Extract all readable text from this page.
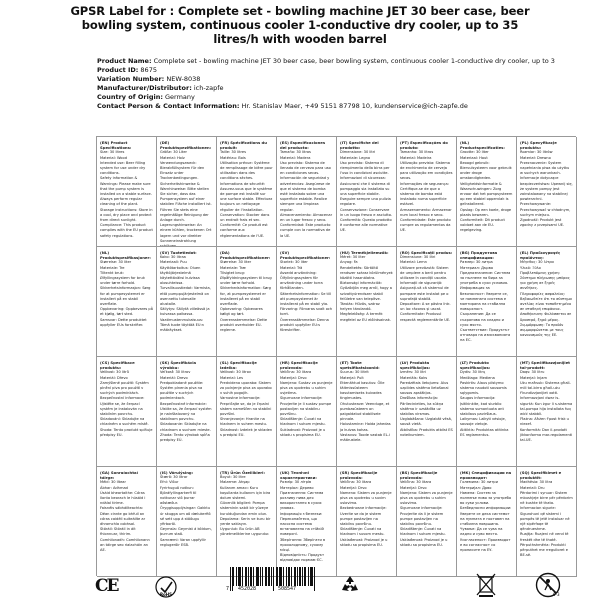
GPSR Label for : Complete set - bowling machine JET 30 beer case, beer bowling system, continuous cooler 1-conductive dry cooler, up to 35 litres/h with wooden barrel
Product Name: Complete set - bowling machine JET 30 beer case, beer bowling system, continuous cooler 1-conductive dry cooler, up to 3
Product ID: 8675
Variation Number: NEW-8038
Manufacturer/Distributor: ich-zapfe
Country of Origin: Germany
Contact Person & Contact Information: Hr. Stanislav Maer, +49 5151 87798 10, kundenservice@ich-zapfe.de
(EN) Product Specifications:
Size: 30 litres
Material: Wood
Intended use: Beer filling system for use under dry conditions.
Safety information & Warnings: Please make sure that the pump system is installed on a stable surface. Always perform regular cleaning of the plant.
Storage instructions: Store in a cool, dry place and protect from direct sunlight.
Compliance: This product complies with the EU product safety regulations.
(DE) Produktspezifikationen:
Größe: 30 Liter
Material: Holz
Verwendungszweck: Bierabfüllsystem für den Einsatz unter Trockenbedingungen.
Sicherheitshinweise & Warnhinweise: Bitte stellen Sie sicher, dass das Pumpensystem auf einer stabilen Fläche installiert ist. Führen Sie stets eine regelmäßige Reinigung der Anlage durch.
Lagerungshinweise: An einem kühlen, trockenen Ort lagern und vor direkter Sonneneinstrahlung schützen.
(FR) Spécifications du produit:
Taille: 30 litres
Matériau: Bois
Utilisation prévue: Système de remplissage de bière pour utilisation dans des conditions sèches.
Informations de sécurité: Assurez-vous que le système de pompe est installé sur une surface stable. Effectuez toujours un nettoyage régulier de l'installation.
Conservation: Stocker dans un endroit frais et sec.
Conformité: Ce produit est conforme aux réglementations de l'UE.
(ES) Especificaciones del producto:
Tamaño: 30 litros
Material: Madera
Uso previsto: Sistema de llenado de cerveza para uso en condiciones secas.
Información de seguridad y advertencias: Asegúrese de que el sistema de bomba esté instalado sobre una superficie estable. Realice siempre una limpieza regular.
Almacenamiento: Almacenar en un lugar fresco y seco.
Conformidad: Este producto cumple con la normativa de la UE.
(IT) Specifiche del prodotto:
Dimensione: 30 litri
Materiale: Legno
Uso previsto: Sistema di riempimento della birra per l'uso in condizioni asciutte.
Informazioni di sicurezza: Assicurarsi che il sistema di pompaggio sia installato su una superficie stabile. Eseguire sempre una pulizia regolare.
Conservazione: Conservare in un luogo fresco e asciutto.
Conformità: Questo prodotto è conforme alle normative UE.
(PT) Especificações do produto:
Tamanho: 30 litros
Material: Madeira
Utilização prevista: Sistema de enchimento de cerveja para utilização em condições secas.
Informações de segurança: Certifique-se de que o sistema de bomba está instalado numa superfície estável.
Armazenamento: Armazenar num local fresco e seco.
Conformidade: Este produto cumpre os regulamentos da UE.
(NL) Productspecificaties:
Grootte: 30 liter
Materiaal: Hout
Beoogd gebruik: Biervulsysteem voor gebruik onder droge omstandigheden.
Veiligheidsinformatie & Waarschuwingen: Zorg ervoor dat het pompsysteem op een stabiel oppervlak is geïnstalleerd.
Opslag: Op een koele, droge plaats bewaren.
Conformiteit: Dit product voldoet aan de EU-regelgeving.
(PL) Specyfikacje produktu:
Rozmiar: 30 litrów
Materiał: Drewno
Przeznaczenie: System napełniania piwa do użytku w suchych warunkach.
Informacje dotyczące bezpieczeństwa: Upewnij się, że system pompy jest zainstalowany na stabilnej powierzchni.
Przechowywanie: Przechowywać w chłodnym, suchym miejscu.
Zgodność: Produkt jest zgodny z przepisami UE.
(NL) Produktspesifikasjoner:
Størrelse: 30 liter
Materiale: Tre
Tiltenkt bruk: Ølfyllingssystem for bruk under tørre forhold.
Sikkerhetsinformasjon: Sørg for at pumpesystemet er installert på en stabil overflate.
Oppbevaring: Oppbevares på et kjølig, tørt sted.
Samsvar: Dette produktet oppfyller EUs forskrifter.
(SV) Tuotetiedot:
Koko: 30 litraa
Materiaali: Puu
Käyttötarkoitus: Oluen täyttöjärjestelmä käytettäväksi kuivissa olosuhteissa.
Turvallisuustiedot: Varmista, että pumppujärjestelmä on asennettu tukevalle alustalle.
Säilytys: Säilytä viileässä ja kuivassa paikassa.
Vaatimustenmukaisuus: Tämä tuote täyttää EU:n määräykset.
(DA) Produktspecifikationer:
Størrelse: 30 liter
Materiale: Træ
Tilsigtet brug: Ølpåfyldningssystem til brug under tørre forhold.
Sikkerhedsinformation: Sørg for, at pumpesystemet er installeret på en stabil overflade.
Opbevaring: Opbevares køligt og tørt.
Overensstemmelse: Dette produkt overholder EU-reglerne.
(SV) Produktspecifikationer:
Storlek: 30 liter
Material: Trä
Avsedd användning: Ölfyllningssystem för användning under torra förhållanden.
Säkerhetsinformation: Se till att pumpsystemet är installerat på en stabil yta.
Förvaring: Förvaras svalt och torrt.
Överensstämmelse: Denna produkt uppfyller EU:s föreskrifter.
(HU) Termékjellemzők:
Méret: 30 liter
Anyag: Fa
Rendeltetés: Sörtöltő rendszer száraz körülmények közötti használatra.
Biztonsági információk: Győződjön meg arról, hogy a szivattyúrendszer stabil felületre van telepítve.
Tárolás: Hűvös, száraz helyen tárolandó.
Megfelelőség: A termék megfelel az EU előírásainak.
(RO) Specificații produs:
Dimensiune: 30 litri
Material: Lemn
Utilizare prevăzută: Sistem de umplere a berii pentru utilizare în condiții uscate.
Informații de siguranță: Asigurați-vă că sistemul de pompare este instalat pe o suprafață stabilă.
Depozitare: A se păstra într-un loc răcoros și uscat.
Conformitate: Produsul respectă reglementările UE.
(BG) Продуктова спецификация:
Размер: 30 литра
Материал: Дърво
Предназначение: Система за пълнене на бира за употреба в сухи условия.
Информация за безопасност: Уверете се, че помпената система е монтирана на стабилна повърхност.
Съхранение: Да се съхранява на хладно и сухо място.
Съответствие: Продуктът отговаря на изискванията на ЕС.
(EL) Προδιαγραφές προϊόντος:
Μέγεθος: 30 λίτρα
Υλικό: Ξύλο
Προβλεπόμενη χρήση: Σύστημα πλήρωσης μπύρας για χρήση σε ξηρές συνθήκες.
Πληροφορίες ασφαλείας: Βεβαιωθείτε ότι το σύστημα αντλίας είναι τοποθετημένο σε σταθερή επιφάνεια.
Αποθήκευση: Φυλάσσεται σε δροσερό, ξηρό μέρος.
Συμμόρφωση: Το προϊόν συμμορφώνεται με τους κανονισμούς της ΕΕ.
(CS) Specifikace produktu:
Velikost: 30 litrů
Materiál: Dřevo
Zamýšlené použití: Systém plnění piva pro použití v suchých podmínkách.
Bezpečnostní informace: Ujistěte se, že čerpací systém je instalován na stabilním povrchu.
Skladování: Skladujte na chladném a suchém místě.
Shoda: Tento produkt splňuje předpisy EU.
(SK) Špecifikácia výrobku:
Veľkosť: 30 litrov
Materiál: Drevo
Predpokladané použitie: Systém plnenia piva na použitie v suchých podmienkach.
Bezpečnostné informácie: Uistite sa, že čerpací systém je nainštalovaný na stabilnom povrchu.
Skladovanie: Skladujte na chladnom a suchom mieste.
Zhoda: Tento výrobok spĺňa predpisy EÚ.
(SL) Specifikacije izdelka:
Velikost: 30 litrov
Material: Les
Predvidena uporaba: Sistem za polnjenje piva za uporabo v suhih pogojih.
Varnostne informacije: Prepričajte se, da je črpalni sistem nameščen na stabilni površini.
Shranjevanje: Hranite na hladnem in suhem mestu.
Skladnost: Izdelek je skladen s predpisi EU.
(HR) Specifikacije proizvoda:
Veličina: 30 litara
Materijal: Drvo
Namjena: Sustav za punjenje piva za upotrebu u suhim uvjetima.
Sigurnosne informacije: Provjerite je li sustav pumpe postavljen na stabilnu površinu.
Skladištenje: Čuvati na hladnom i suhom mjestu.
Sukladnost: Proizvod je u skladu s propisima EU.
(ET) Toote spetsifikatsioonid:
Suurus: 30 liitrit
Materjal: Puit
Ettenähtud kasutus: Õlle täitmissüsteem kasutamiseks kuivades tingimustes.
Ohutusteave: Veenduge, et pumbasüsteem on paigaldatud stabiilsele pinnale.
Hoiustamine: Hoida jahedas ja kuivas kohas.
Vastavus: Toode vastab EL-i määrustele.
(LV) Produkta specifikācijas:
Izmērs: 30 litri
Materiāls: Koks
Paredzētais lietojums: Alus uzpildes sistēma lietošanai sausos apstākļos.
Drošības informācija: Pārliecinieties, ka sūkņa sistēma ir uzstādīta uz stabilas virsmas.
Uzglabāšana: Uzglabāt vēsā, sausā vietā.
Atbilstība: Produkts atbilst ES noteikumiem.
(LT) Produkto specifikacijos:
Dydis: 30 litrų
Medžiaga: Mediena
Paskirtis: Alaus pilstymo sistema naudoti sausomis sąlygomis.
Saugos informacija: Įsitikinkite, kad siurblio sistema sumontuota ant stabilaus paviršiaus.
Laikymas: Laikyti vėsioje, sausoje vietoje.
Atitiktis: Produktas atitinka ES reglamentus.
(MT) Speċifikazzjonijiet tal-prodott:
Daqs: 30 litru
Materjal: Injam
Użu maħsub: Sistema għall-mili tal-birra għall-użu f'kundizzjonijiet xotti.
Informazzjoni dwar is-sigurtà: Kun żgur li s-sistema tal-pompa hija installata fuq wiċċ stabbli.
Ħażna: Aħżen f'post frisk u niexef.
Konformità: Dan il-prodott jikkonforma mar-regolamenti tal-UE.
(GA) Sonraíochtaí táirge:
Méid: 30 lítear
Ábhar: Adhmad
Úsáid bheartaithe: Córas líonta beorach le húsáid i ndálaí tirime.
Faisnéis sábháilteachta: Déan cinnte go bhfuil an córas caidéil suiteáilte ar dhromchla cobhsaí.
Stóráil: Stóráil in áit fhionnuar, thirim.
Comhlíonadh: Comhlíonann an táirge seo rialacháin an AE.
(IS) Vörulýsing:
Stærð: 30 lítrar
Efni: Viður
Fyrirhuguð notkun: Bjóráfyllingarkerfi til notkunar við þurrar aðstæður.
Öryggisupplýsingar: Gakktu úr skugga um að dælukerfið sé sett upp á stöðugu yfirborði.
Geymsla: Geymist á köldum, þurrum stað.
Samræmi: Varan uppfyllir reglugerðir ESB.
(TR) Ürün Özellikleri:
Boyut: 30 litre
Malzeme: Ahşap
Kullanım amacı: Kuru koşullarda kullanım için bira dolum sistemi.
Güvenlik bilgileri: Pompa sisteminin sabit bir yüzeye kurulduğundan emin olun.
Depolama: Serin ve kuru bir yerde saklayın.
Uygunluk: Bu ürün AB yönetmeliklerine uygundur.
(UK) Технічні характеристики:
Розмір: 30 літрів
Матеріал: Дерево
Призначення: Система розливу пива для використання в сухих умовах.
Інформація з безпеки: Переконайтеся, що насосна система встановлена на стійкій поверхні.
Зберігання: Зберігати в прохолодному, сухому місці.
Відповідність: Продукт відповідає нормам ЄС.
(SR) Specifikacije proizvoda:
Veličina: 30 litara
Materijal: Drvo
Namena: Sistem za punjenje piva za upotrebu u suvim uslovima.
Bezbednosne informacije: Uverite se da je sistem pumpe postavljen na stabilnu površinu.
Skladištenje: Čuvati na hladnom i suvom mestu.
Usklađenost: Proizvod je u skladu sa propisima EU.
(BS) Specifikacije proizvoda:
Veličina: 30 litara
Materijal: Drvo
Namjena: Sistem za punjenje piva za upotrebu u suhim uslovima.
Sigurnosne informacije: Provjerite da li je sistem pumpe postavljen na stabilnu površinu.
Skladištenje: Čuvati na hladnom i suhom mjestu.
Usklađenost: Proizvod je u skladu sa propisima EU.
(MK) Спецификации на производот:
Големина: 30 литри
Материјал: Дрво
Намена: Систем за полнење пиво за употреба во суви услови.
Безбедносни информации: Уверете се дека системот на пумпата е поставен на стабилна површина.
Чување: Да се чува на ладно и суво место.
Усогласеност: Производот е во согласност со прописите на ЕУ.
(SQ) Specifikimet e produktit:
Madhësia: 30 litra
Materiali: Dru
Përdorimi i synuar: Sistem mbushjeje birre për përdorim në kushte të thata.
Informacion sigurie: Sigurohuni që sistemi i pompës të jetë instaluar në një sipërfaqe të qëndrueshme.
Ruajtja: Ruajeni në vend të freskët dhe të thatë.
Përputhshmëria: Produkti përputhet me rregulloret e BE-së.
CE	RoHS
7 452028	508547
0-3
